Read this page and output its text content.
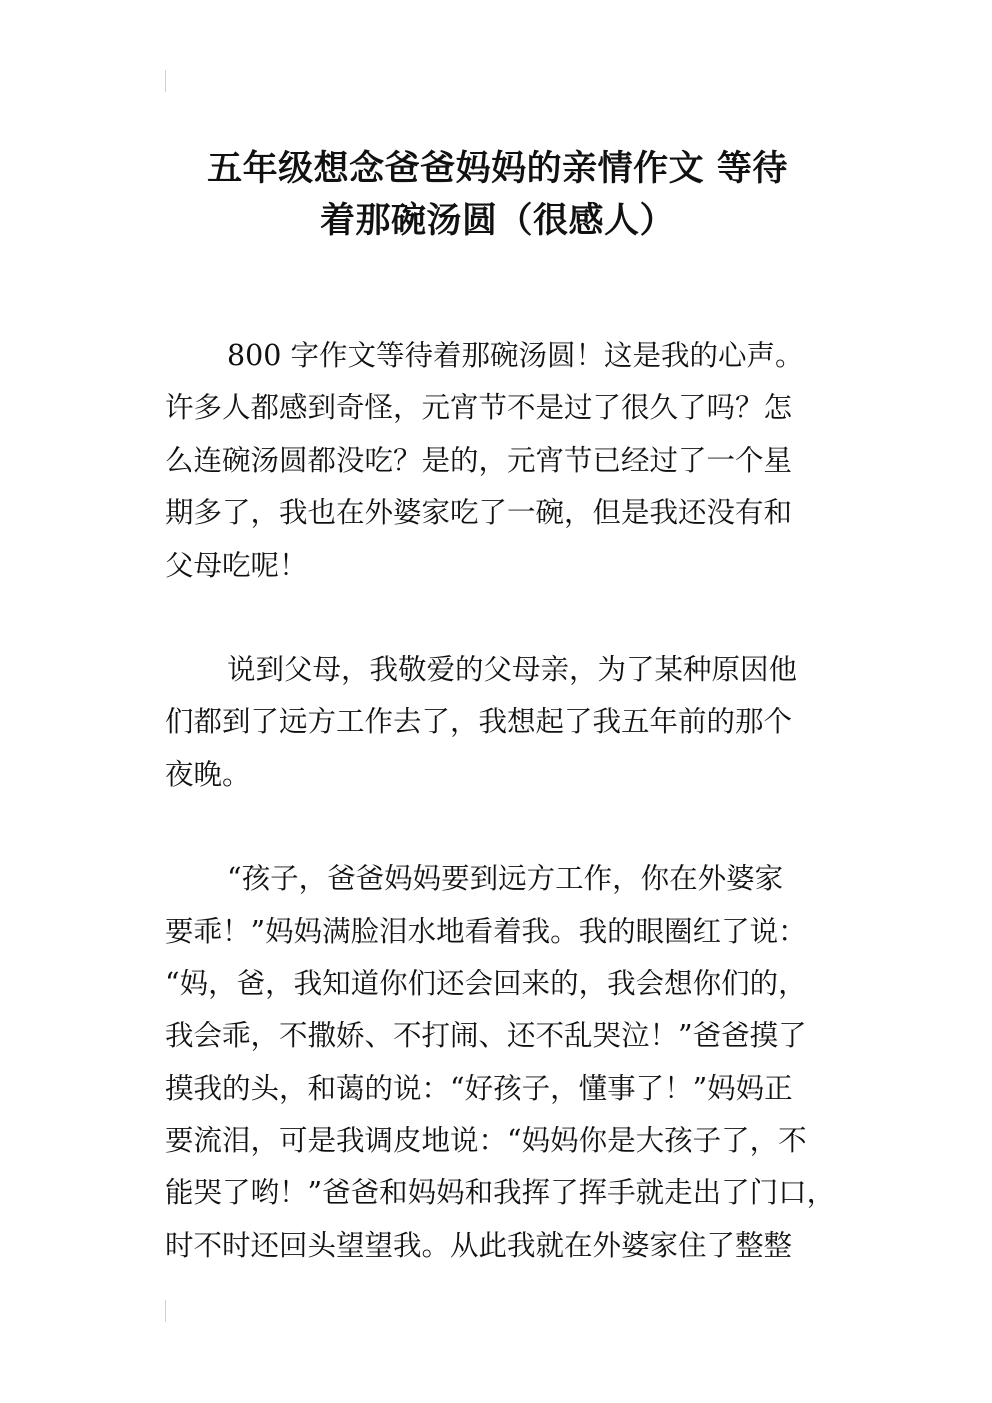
五年级想念爸爸妈妈的亲情作文 等待
着那碗汤圆（很感人）

800 字作文等待着那碗汤圆！这是我的心声。
许多人都感到奇怪，元宵节不是过了很久了吗？怎
么连碗汤圆都没吃？是的，元宵节已经过了一个星
期多了，我也在外婆家吃了一碗，但是我还没有和
父母吃呢！

说到父母，我敬爱的父母亲，为了某种原因他
们都到了远方工作去了，我想起了我五年前的那个
夜晚。

“孩子，爸爸妈妈要到远方工作，你在外婆家
要乖！”妈妈满脸泪水地看着我。我的眼圈红了说：
“妈，爸，我知道你们还会回来的，我会想你们的，
我会乖，不撒娇、不打闹、还不乱哭泣！”爸爸摸了
摸我的头，和蔼的说：“好孩子，懂事了！”妈妈正
要流泪，可是我调皮地说：“妈妈你是大孩子了，不
能哭了哟！”爸爸和妈妈和我挥了挥手就走出了门口，
时不时还回头望望我。从此我就在外婆家住了整整
